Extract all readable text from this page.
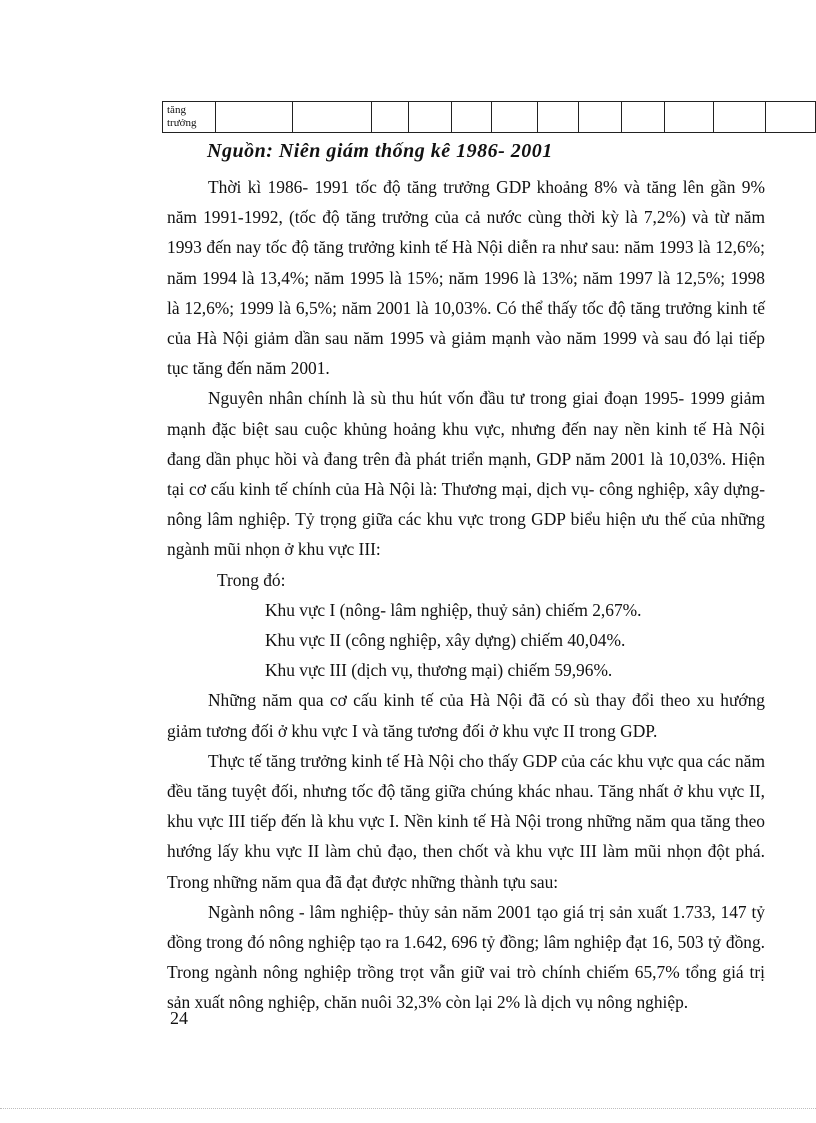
tăng
trưởng												
Nguồn: Niên giám thống kê 1986- 2001

Thời kì 1986- 1991 tốc độ tăng trưởng GDP khoảng 8% và tăng lên gần 9% năm 1991-1992, (tốc độ tăng trưởng của cả nước cùng thời kỳ là 7,2%) và từ năm 1993 đến nay tốc độ tăng trưởng kinh tế Hà Nội diễn ra như sau: năm 1993 là 12,6%; năm 1994 là 13,4%; năm 1995 là 15%; năm 1996 là 13%; năm 1997 là 12,5%; 1998 là 12,6%; 1999 là 6,5%; năm 2001 là 10,03%. Có thể thấy tốc độ tăng trưởng kinh tế của Hà Nội giảm dần sau năm 1995 và giảm mạnh vào năm 1999 và sau đó lại tiếp tục tăng đến năm 2001.

Nguyên nhân chính là sù thu hút vốn đầu tư trong giai đoạn 1995- 1999 giảm mạnh đặc biệt sau cuộc khủng hoảng khu vực, nhưng đến nay nền kinh tế Hà Nội đang dần phục hồi và đang trên đà phát triển mạnh, GDP năm 2001 là 10,03%. Hiện tại cơ cấu kinh tế chính của Hà Nội là: Thương mại, dịch vụ- công nghiệp, xây dựng- nông lâm nghiệp. Tỷ trọng giữa các khu vực trong GDP biểu hiện ưu thế của những ngành mũi nhọn ở khu vực III:

Trong đó:

Khu vực I (nông- lâm nghiệp, thuỷ sản) chiếm 2,67%.

Khu vực II (công nghiệp, xây dựng) chiếm 40,04%.

Khu vực III (dịch vụ, thương mại) chiếm 59,96%.

Những năm qua cơ cấu kinh tế của Hà Nội đã có sù thay đổi theo xu hướng giảm tương đối ở khu vực I và tăng tương đối ở khu vực II trong GDP.

Thực tế tăng trưởng kinh tế Hà Nội cho thấy GDP của các khu vực qua các năm đều tăng tuyệt đối, nhưng tốc độ tăng giữa chúng khác nhau. Tăng nhất ở khu vực II, khu vực III tiếp đến là khu vực I. Nền kinh tế Hà Nội trong những năm qua tăng theo hướng lấy khu vực II làm chủ đạo, then chốt và khu vực III làm mũi nhọn đột phá. Trong những năm qua đã đạt được những thành tựu sau:

Ngành nông - lâm nghiệp- thủy sản năm 2001 tạo giá trị sản xuất 1.733, 147 tỷ đồng trong đó nông nghiệp tạo ra 1.642, 696 tỷ đồng; lâm nghiệp đạt 16, 503 tỷ đồng. Trong ngành nông nghiệp trồng trọt vẫn giữ vai trò chính chiếm 65,7% tổng giá trị sản xuất nông nghiệp, chăn nuôi 32,3% còn lại 2% là dịch vụ nông nghiệp.

24
